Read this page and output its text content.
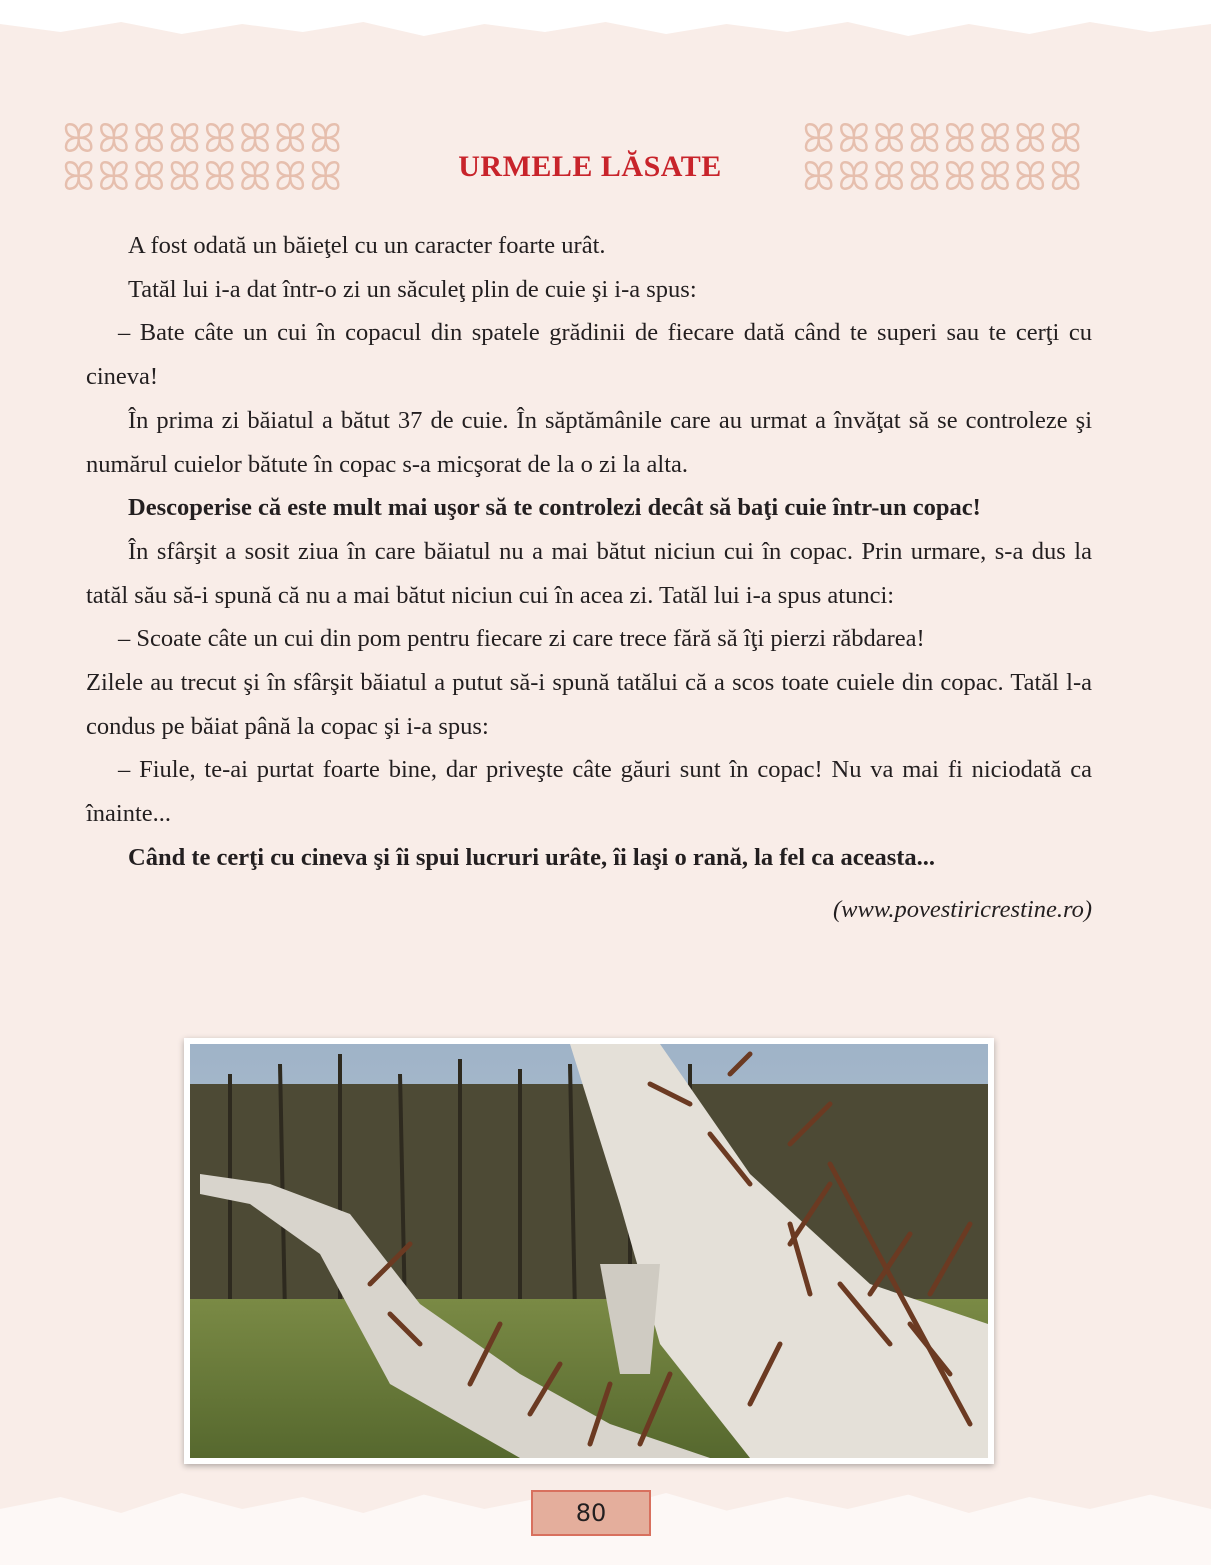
ꕤꕤꕤꕤꕤꕤꕤꕤ
ꕤꕤꕤꕤꕤꕤꕤꕤ
ꕤꕤꕤꕤꕤꕤꕤꕤ
ꕤꕤꕤꕤꕤꕤꕤꕤ
URMELE LĂSATE

A fost odată un băieţel cu un caracter foarte urât.

Tatăl lui i-a dat într-o zi un săculeţ plin de cuie şi i-a spus:

– Bate câte un cui în copacul din spatele grădinii de fiecare dată când te superi sau te cerţi cu cineva!

În prima zi băiatul a bătut 37 de cuie. În săptămânile care au urmat a învăţat să se controleze şi numărul cuielor bătute în copac s-a micşorat de la o zi la alta.

Descoperise că este mult mai uşor să te controlezi decât să baţi cuie într-un copac!

În sfârşit a sosit ziua în care băiatul nu a mai bătut niciun cui în copac. Prin urmare, s-a dus la tatăl său să-i spună că nu a mai bătut niciun cui în acea zi. Tatăl lui i-a spus atunci:

– Scoate câte un cui din pom pentru fiecare zi care trece fără să îţi pierzi răbdarea!

Zilele au trecut şi în sfârşit băiatul a putut să-i spună tatălui că a scos toate cuiele din copac. Tatăl l-a condus pe băiat până la copac şi i-a spus:

– Fiule, te-ai purtat foarte bine, dar priveşte câte găuri sunt în copac! Nu va mai fi niciodată ca înainte...

Când te cerţi cu cineva şi îi spui lucruri urâte, îi laşi o rană, la fel ca aceasta...

(www.povestiricrestine.ro)

80
